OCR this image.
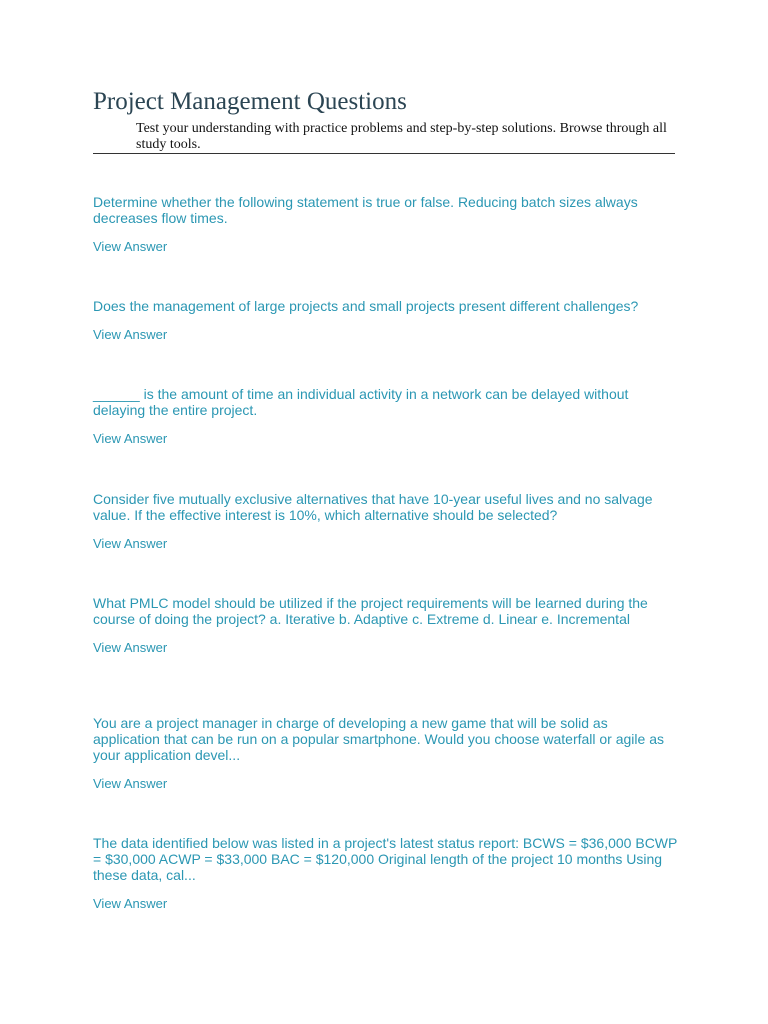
Project Management Questions

Test your understanding with practice problems and step-by-step solutions. Browse through all study tools.

Determine whether the following statement is true or false. Reducing batch sizes always decreases flow times.

View Answer

Does the management of large projects and small projects present different challenges?

View Answer

______ is the amount of time an individual activity in a network can be delayed without delaying the entire project.

View Answer

Consider five mutually exclusive alternatives that have 10-year useful lives and no salvage value. If the effective interest is 10%, which alternative should be selected?

View Answer

What PMLC model should be utilized if the project requirements will be learned during the course of doing the project? a. Iterative b. Adaptive c. Extreme d. Linear e. Incremental

View Answer

You are a project manager in charge of developing a new game that will be solid as application that can be run on a popular smartphone. Would you choose waterfall or agile as your application devel...

View Answer

The data identified below was listed in a project's latest status report: BCWS = $36,000 BCWP = $30,000 ACWP = $33,000 BAC = $120,000 Original length of the project 10 months Using these data, cal...

View Answer
